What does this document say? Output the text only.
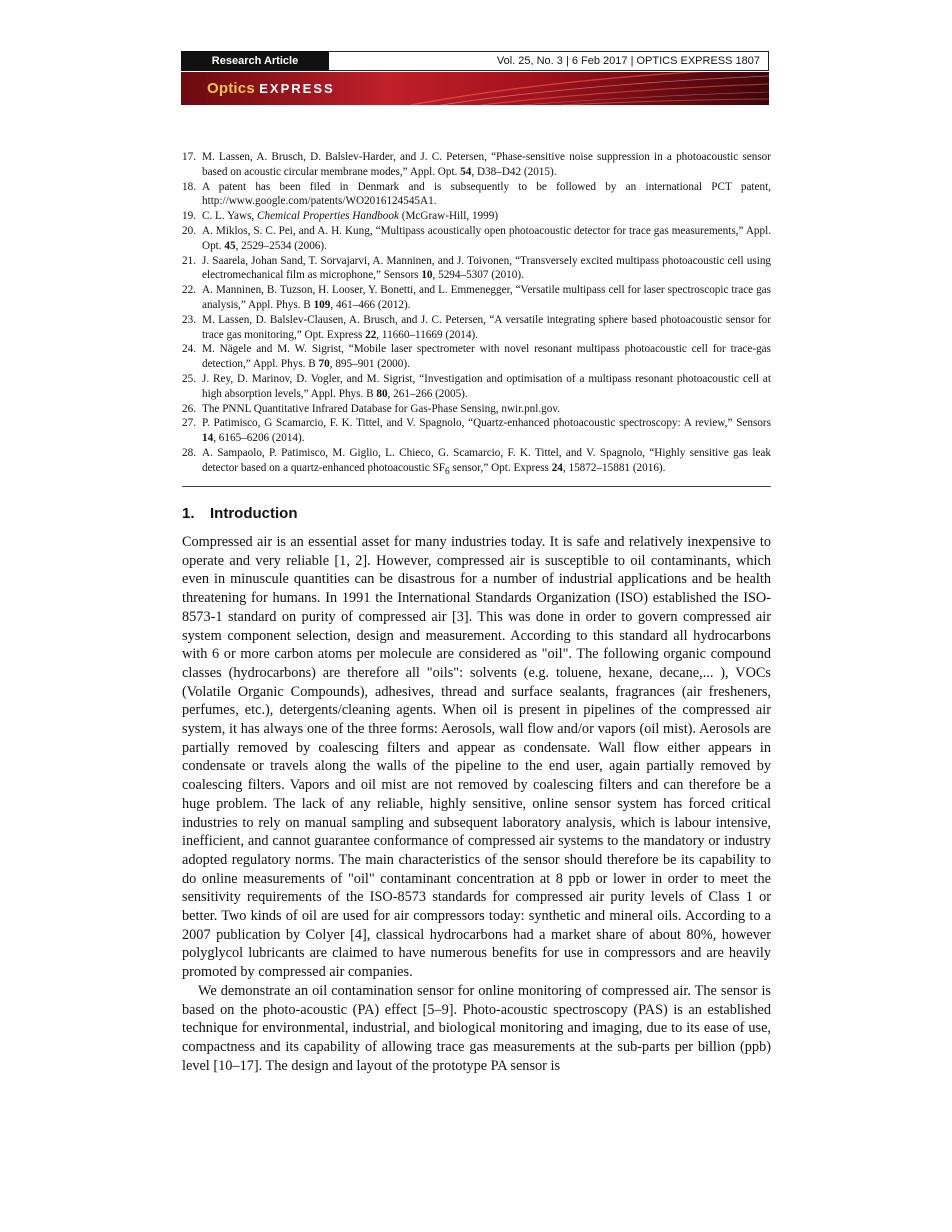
Research Article	Vol. 25, No. 3 | 6 Feb 2017 | OPTICS EXPRESS 1807
Optics EXPRESS
17. M. Lassen, A. Brusch, D. Balslev-Harder, and J. C. Petersen, “Phase-sensitive noise suppression in a photoacoustic sensor based on acoustic circular membrane modes,” Appl. Opt. 54, D38–D42 (2015).
18. A patent has been filed in Denmark and is subsequently to be followed by an international PCT patent, http://www.google.com/patents/WO2016124545A1.
19. C. L. Yaws, Chemical Properties Handbook (McGraw-Hill, 1999)
20. A. Miklos, S. C. Pei, and A. H. Kung, “Multipass acoustically open photoacoustic detector for trace gas measurements,” Appl. Opt. 45, 2529–2534 (2006).
21. J. Saarela, Johan Sand, T. Sorvajarvi, A. Manninen, and J. Toivonen, “Transversely excited multipass photoacoustic cell using electromechanical film as microphone,” Sensors 10, 5294–5307 (2010).
22. A. Manninen, B. Tuzson, H. Looser, Y. Bonetti, and L. Emmenegger, “Versatile multipass cell for laser spectroscopic trace gas analysis,” Appl. Phys. B 109, 461–466 (2012).
23. M. Lassen, D. Balslev-Clausen, A. Brusch, and J. C. Petersen, “A versatile integrating sphere based photoacoustic sensor for trace gas monitoring,” Opt. Express 22, 11660–11669 (2014).
24. M. Nägele and M. W. Sigrist, “Mobile laser spectrometer with novel resonant multipass photoacoustic cell for trace-gas detection,” Appl. Phys. B 70, 895–901 (2000).
25. J. Rey, D. Marinov, D. Vogler, and M. Sigrist, “Investigation and optimisation of a multipass resonant photoacoustic cell at high absorption levels,” Appl. Phys. B 80, 261–266 (2005).
26. The PNNL Quantitative Infrared Database for Gas-Phase Sensing, nwir.pnl.gov.
27. P. Patimisco, G Scamarcio, F. K. Tittel, and V. Spagnolo, “Quartz-enhanced photoacoustic spectroscopy: A review,” Sensors 14, 6165–6206 (2014).
28. A. Sampaolo, P. Patimisco, M. Giglio, L. Chieco, G. Scamarcio, F. K. Tittel, and V. Spagnolo, “Highly sensitive gas leak detector based on a quartz-enhanced photoacoustic $SF_6$ sensor,” Opt. Express 24, 15872–15881 (2016).
1. Introduction

Compressed air is an essential asset for many industries today. It is safe and relatively inexpensive to operate and very reliable [1, 2]. However, compressed air is susceptible to oil contaminants, which even in minuscule quantities can be disastrous for a number of industrial applications and be health threatening for humans. In 1991 the International Standards Organization (ISO) established the ISO-8573-1 standard on purity of compressed air [3]. This was done in order to govern compressed air system component selection, design and measurement. According to this standard all hydrocarbons with 6 or more carbon atoms per molecule are considered as "oil". The following organic compound classes (hydrocarbons) are therefore all "oils": solvents (e.g. toluene, hexane, decane,... ), VOCs (Volatile Organic Compounds), adhesives, thread and surface sealants, fragrances (air fresheners, perfumes, etc.), detergents/cleaning agents. When oil is present in pipelines of the compressed air system, it has always one of the three forms: Aerosols, wall flow and/or vapors (oil mist). Aerosols are partially removed by coalescing filters and appear as condensate. Wall flow either appears in condensate or travels along the walls of the pipeline to the end user, again partially removed by coalescing filters. Vapors and oil mist are not removed by coalescing filters and can therefore be a huge problem. The lack of any reliable, highly sensitive, online sensor system has forced critical industries to rely on manual sampling and subsequent laboratory analysis, which is labour intensive, inefficient, and cannot guarantee conformance of compressed air systems to the mandatory or industry adopted regulatory norms. The main characteristics of the sensor should therefore be its capability to do online measurements of "oil" contaminant concentration at 8 ppb or lower in order to meet the sensitivity requirements of the ISO-8573 standards for compressed air purity levels of Class 1 or better. Two kinds of oil are used for air compressors today: synthetic and mineral oils. According to a 2007 publication by Colyer [4], classical hydrocarbons had a market share of about 80%, however polyglycol lubricants are claimed to have numerous benefits for use in compressors and are heavily promoted by compressed air companies.

We demonstrate an oil contamination sensor for online monitoring of compressed air. The sensor is based on the photo-acoustic (PA) effect [5–9]. Photo-acoustic spectroscopy (PAS) is an established technique for environmental, industrial, and biological monitoring and imaging, due to its ease of use, compactness and its capability of allowing trace gas measurements at the sub-parts per billion (ppb) level [10–17]. The design and layout of the prototype PA sensor is
